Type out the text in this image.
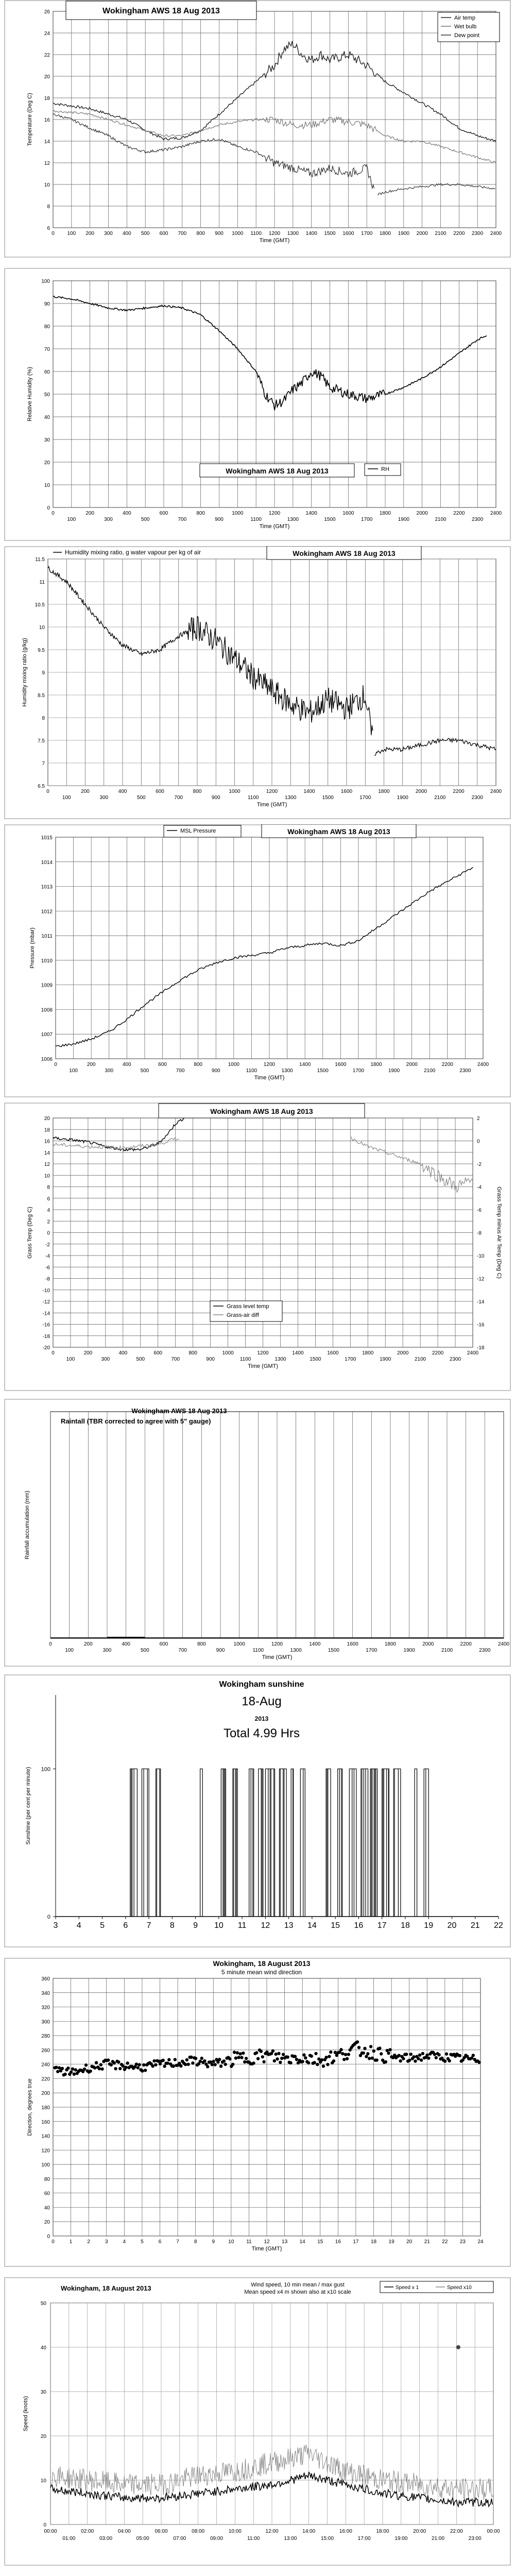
0 100 200 300 400 500 600 700 800 900 1000 1100 1200 1300 1400 1500 1600 1700 1800 1900 2000 2100 2200 2300 2400
6
8
10
12
14
16
18
20
22
24
26
Time (GMT)
Temperature (Deg C)
Wokingham AWS 18 Aug 2013
Air temp
Wet bulb
Dew point
0
100
200
300
400
500
600
700
800
900
1000
1100
1200
1300
1400
1500
1600
1700
1800
1900
2000
2100
2200
2300
2400
0
10
20
30
40
50
60
70
80
90
100
Time (GMT)
Relative Humidity (%)
Wokingham AWS 18 Aug 2013	RH
0
100
200
300
400
500
600
700
800
900
1000
1100
1200
1300
1400
1500
1600
1700
1800
1900
2000
2100
2200
2300
2400
6.5
7
7.5
8
8.5
9
9.5
10
10.5
11
11.5
Time (GMT)
Humidity mixing ratio (g/kg)
Wokingham AWS 18 Aug 2013
Humidity mixing ratio, g water vapour per kg of air
0
100
200
300
400
500
600
700
800
900
1000
1100
1200
1300
1400
1500
1600
1700
1800
1900
2000
2100
2200
2300
2400
1006
1007
1008
1009
1010
1011
1012
1013
1014
1015
Time (GMT)
Pressure (mbar)
Wokingham AWS 18 Aug 2013
MSL Pressure
0
100
200
300
400
500
600
700
800
900
1000
1100
1200
1300
1400
1500
1600
1700
1800
1900
2000
2100
2200
2300
2400
-20
-18
-16
-14
-12
-10
-8
-6
-4
-2
0
2
4
6
8
10
12
14
16
18
20
Time (GMT)
Grass Temp (Deg C)
-18
-16
-14
-12
-10
-8
-6
-4
-2
0
2
Grass Temp minus Air Temp (Deg C)
Wokingham AWS 18 Aug 2013
Grass level temp
Grass-air diff
0
100
200
300
400
500
600
700
800
900
1000
1100
1200
1300
1400
1500
1600
1700
1800
1900
2000
2100
2200
2300
2400
Time (GMT)
Rainfall accumulation (mm)
Wokingham AWS 18 Aug 2013
Raintall (TBR corrected to agree with 5" gauge)
3 4 5 6 7 8 9 10 11 12 13 14 15 16 17 18 19 20 21 22
0
100
Sunshine (per cent per minute)
Wokingham sunshine
18-Aug
2013
Total 4.99 Hrs
0	1	2	3	4	5	6	7	8	9	10 11 12 13 14 15 16 17 18 19 20 21 22 23 24
0
20
40
60
80
100
120
140
160
180
200
220
240
260
280
300
320
340
360
Time (GMT)
Direction, degrees true
Wokingham, 18 August 2013
5 minute mean wind direction
0
10
20
30
40
50
00:00	02:00	04:00	06:00	08:00	10:00	12:00	14:00	16:00	18:00	20:00	22:00	00:00
01:00	03:00	05:00	07:00	09:00	11:00	13:00	15:00	17:00	19:00	21:00	23:00
Speed (knots)
Wokingham, 18 August 2013	Wind speed, 10 min mean / max gust
Mean speed x4 m shown also at x10 scale
Speed x 1	Speed x10
